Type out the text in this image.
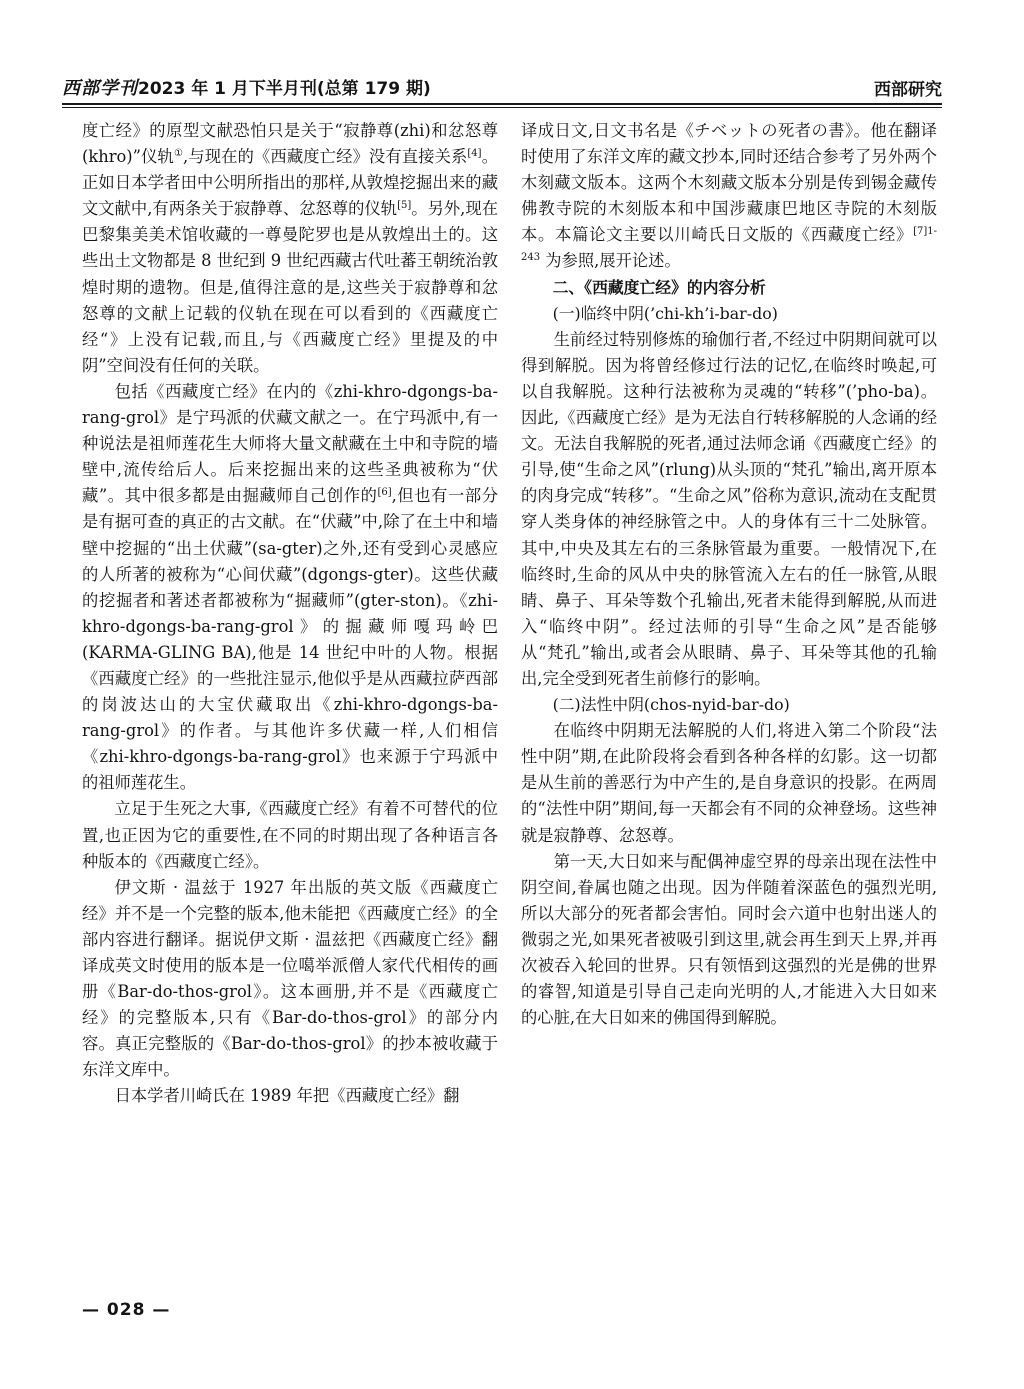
西部学刊 2023 年 1 月下半月刊(总第 179 期)	西部研究

度亡经》的原型文献恐怕只是关于“寂静尊(zhi)和忿怒尊(khro)”仪轨①,与现在的《西藏度亡经》没有直接关系[4]。正如日本学者田中公明所指出的那样,从敦煌挖掘出来的藏文文献中,有两条关于寂静尊、忿怒尊的仪轨[5]。另外,现在巴黎集美美术馆收藏的一尊曼陀罗也是从敦煌出土的。这些出土文物都是 8 世纪到 9 世纪西藏古代吐蕃王朝统治敦煌时期的遗物。但是,值得注意的是,这些关于寂静尊和忿怒尊的文献上记载的仪轨在现在可以看到的《西藏度亡经“》上没有记载,而且,与《西藏度亡经》里提及的中阴”空间没有任何的关联。

包括《西藏度亡经》在内的《zhi-khro-dgongs-ba-rang-grol》是宁玛派的伏藏文献之一。在宁玛派中,有一种说法是祖师莲花生大师将大量文献藏在土中和寺院的墙壁中,流传给后人。后来挖掘出来的这些圣典被称为“伏藏”。其中很多都是由掘藏师自己创作的[6],但也有一部分是有据可查的真正的古文献。在“伏藏”中,除了在土中和墙壁中挖掘的“出土伏藏”(sa-gter)之外,还有受到心灵感应的人所著的被称为“心间伏藏”(dgongs-gter)。这些伏藏的挖掘者和著述者都被称为“掘藏师”(gter-ston)。《zhi-khro-dgongs-ba-rang-grol》的掘藏师嘎玛岭巴(KARMA-GLING BA),他是 14 世纪中叶的人物。根据《西藏度亡经》的一些批注显示,他似乎是从西藏拉萨西部的岗波达山的大宝伏藏取出《zhi-khro-dgongs-ba-rang-grol》的作者。与其他许多伏藏一样,人们相信《zhi-khro-dgongs-ba-rang-grol》也来源于宁玛派中的祖师莲花生。

立足于生死之大事,《西藏度亡经》有着不可替代的位置,也正因为它的重要性,在不同的时期出现了各种语言各种版本的《西藏度亡经》。

伊文斯 · 温兹于 1927 年出版的英文版《西藏度亡经》并不是一个完整的版本,他未能把《西藏度亡经》的全部内容进行翻译。据说伊文斯 · 温兹把《西藏度亡经》翻译成英文时使用的版本是一位噶举派僧人家代代相传的画册《Bar-do-thos-grol》。这本画册,并不是《西藏度亡经》的完整版本,只有《Bar-do-thos-grol》的部分内容。真正完整版的《Bar-do-thos-grol》的抄本被收藏于东洋文库中。

日本学者川崎氏在 1989 年把《西藏度亡经》翻

译成日文,日文书名是《チベットの死者の書》。他在翻译时使用了东洋文库的藏文抄本,同时还结合参考了另外两个木刻藏文版本。这两个木刻藏文版本分别是传到锡金藏传佛教寺院的木刻版本和中国涉藏康巴地区寺院的木刻版本。本篇论文主要以川崎氏日文版的《西藏度亡经》$^{[7]1-243}$ 为参照,展开论述。

二、《西藏度亡经》的内容分析

(一)临终中阴(’chi-kh’i-bar-do)

生前经过特别修炼的瑜伽行者,不经过中阴期间就可以得到解脱。因为将曾经修过行法的记忆,在临终时唤起,可以自我解脱。这种行法被称为灵魂的“转移”(’pho-ba)。因此,《西藏度亡经》是为无法自行转移解脱的人念诵的经文。无法自我解脱的死者,通过法师念诵《西藏度亡经》的引导,使“生命之风”(rlung)从头顶的“梵孔”输出,离开原本的肉身完成“转移”。“生命之风”俗称为意识,流动在支配贯穿人类身体的神经脉管之中。人的身体有三十二处脉管。其中,中央及其左右的三条脉管最为重要。一般情况下,在临终时,生命的风从中央的脉管流入左右的任一脉管,从眼睛、鼻子、耳朵等数个孔输出,死者未能得到解脱,从而进入“临终中阴”。经过法师的引导“生命之风”是否能够从“梵孔”输出,或者会从眼睛、鼻子、耳朵等其他的孔输出,完全受到死者生前修行的影响。

(二)法性中阴(chos-nyid-bar-do)

在临终中阴期无法解脱的人们,将进入第二个阶段“法性中阴”期,在此阶段将会看到各种各样的幻影。这一切都是从生前的善恶行为中产生的,是自身意识的投影。在两周的“法性中阴”期间,每一天都会有不同的众神登场。这些神就是寂静尊、忿怒尊。

第一天,大日如来与配偶神虚空界的母亲出现在法性中阴空间,眷属也随之出现。因为伴随着深蓝色的强烈光明,所以大部分的死者都会害怕。同时会六道中也射出迷人的微弱之光,如果死者被吸引到这里,就会再生到天上界,并再次被吞入轮回的世界。只有领悟到这强烈的光是佛的世界的睿智,知道是引导自己走向光明的人,才能进入大日如来的心脏,在大日如来的佛国得到解脱。

— 028 —
